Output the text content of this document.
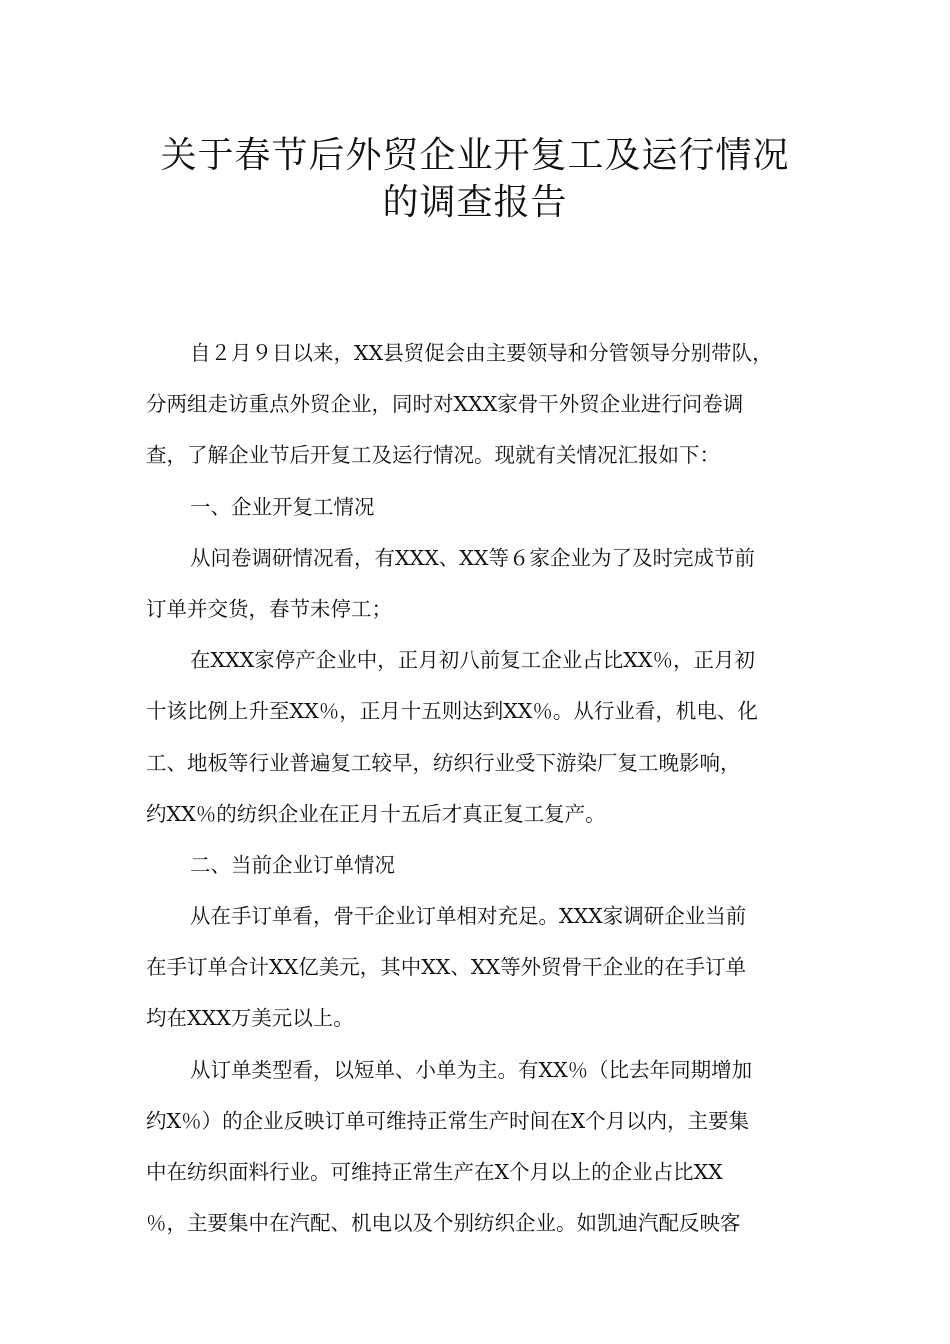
关于春节后外贸企业开复工及运行情况
的调查报告
自２月９日以来，XX县贸促会由主要领导和分管领导分别带队，
分两组走访重点外贸企业，同时对XXX家骨干外贸企业进行问卷调
查，了解企业节后开复工及运行情况。现就有关情况汇报如下：
一、企业开复工情况
从问卷调研情况看，有XXX、XX等６家企业为了及时完成节前
订单并交货，春节未停工；
在XXX家停产企业中，正月初八前复工企业占比XX％，正月初
十该比例上升至XX％，正月十五则达到XX％。从行业看，机电、化
工、地板等行业普遍复工较早，纺织行业受下游染厂复工晚影响，
约XX％的纺织企业在正月十五后才真正复工复产。
二、当前企业订单情况
从在手订单看，骨干企业订单相对充足。XXX家调研企业当前
在手订单合计XX亿美元，其中XX、XX等外贸骨干企业的在手订单
均在XXX万美元以上。
从订单类型看，以短单、小单为主。有XX％（比去年同期增加
约X％）的企业反映订单可维持正常生产时间在X个月以内，主要集
中在纺织面料行业。可维持正常生产在X个月以上的企业占比XX
％，主要集中在汽配、机电以及个别纺织企业。如凯迪汽配反映客
